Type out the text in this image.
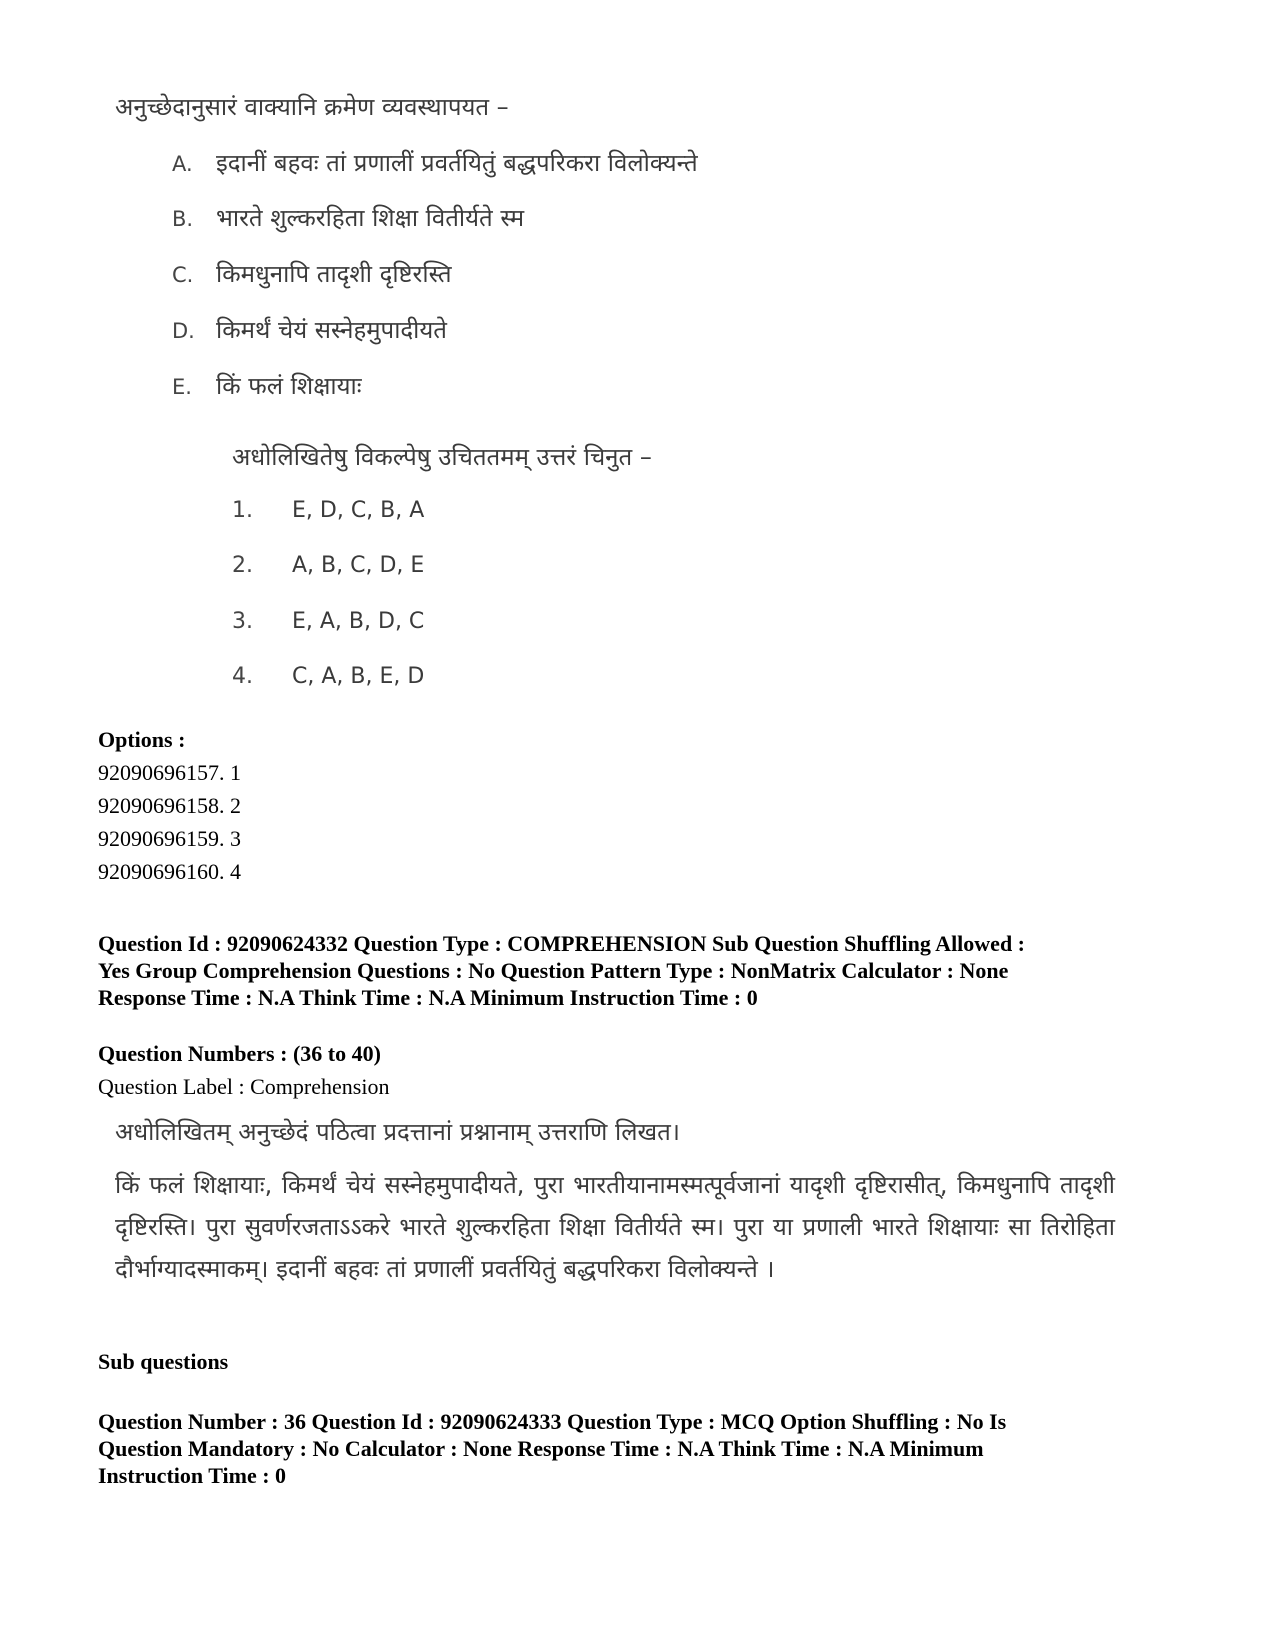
अनुच्छेदानुसारं वाक्यानि क्रमेण व्यवस्थापयत –
A. इदानीं बहवः तां प्रणालीं प्रवर्तयितुं बद्धपरिकरा विलोक्यन्ते
B. भारते शुल्करहिता शिक्षा वितीर्यते स्म
C. किमधुनापि तादृशी दृष्टिरस्ति
D. किमर्थं चेयं सस्नेहमुपादीयते
E. किं फलं शिक्षायाः
अधोलिखितेषु विकल्पेषु उचिततमम् उत्तरं चिनुत –
1. E, D, C, B, A
2. A, B, C, D, E
3. E, A, B, D, C
4. C, A, B, E, D
Options :
92090696157. 1
92090696158. 2
92090696159. 3
92090696160. 4
Question Id : 92090624332 Question Type : COMPREHENSION Sub Question Shuffling Allowed :
Yes Group Comprehension Questions : No Question Pattern Type : NonMatrix Calculator : None
Response Time : N.A Think Time : N.A Minimum Instruction Time : 0
Question Numbers : (36 to 40)
Question Label : Comprehension
अधोलिखितम् अनुच्छेदं पठित्वा प्रदत्तानां प्रश्नानाम् उत्तराणि लिखत।
किं फलं शिक्षायाः, किमर्थं चेयं सस्नेहमुपादीयते, पुरा भारतीयानामस्मत्पूर्वजानां यादृशी दृष्टिरासीत्, किमधुनापि तादृशी दृष्टिरस्ति। पुरा सुवर्णरजताऽऽकरे भारते शुल्करहिता शिक्षा वितीर्यते स्म। पुरा या प्रणाली भारते शिक्षायाः सा तिरोहिता दौर्भाग्यादस्माकम्। इदानीं बहवः तां प्रणालीं प्रवर्तयितुं बद्धपरिकरा विलोक्यन्ते ।
Sub questions
Question Number : 36 Question Id : 92090624333 Question Type : MCQ Option Shuffling : No Is
Question Mandatory : No Calculator : None Response Time : N.A Think Time : N.A Minimum
Instruction Time : 0
